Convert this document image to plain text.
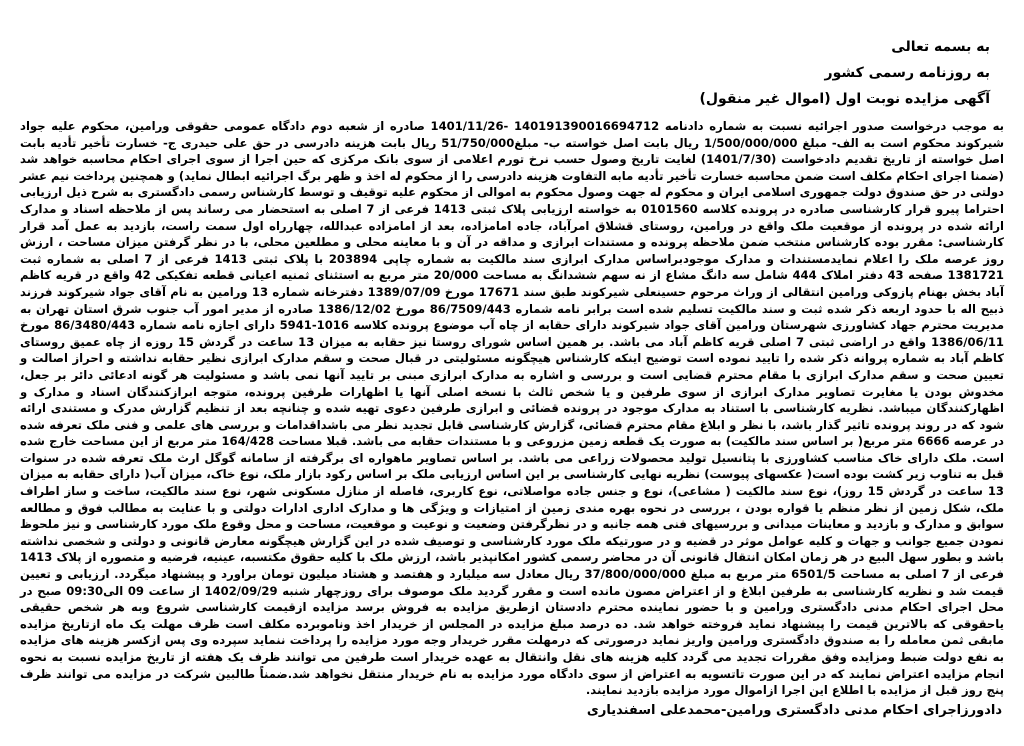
به بسمه تعالی

به روزنامه رسمی کشور

آگهی مزایده نوبت اول (اموال غیر منقول)

به موجب درخواست صدور اجرائیه نسبت به شماره دادنامه 140191390016694712 -1401/11/26 صادره از شعبه دوم دادگاه عمومی حقوقی ورامین، محکوم علیه جواد شیرکوند محکوم است به الف- مبلغ 1/500/000/000 ریال بابت اصل خواسته ب- مبلغ51/750/000 ریال بابت هزینه دادرسی در حق علی حیدری ج- خسارت تأخیر تأدیه بابت اصل خواسته از تاریخ تقدیم دادخواست (1401/7/30) لغایت تاریخ وصول حسب نرخ تورم اعلامی از سوی بانک مرکزی که حین اجرا از سوی اجرای احکام محاسبه خواهد شد (ضمنا اجرای احکام مکلف است ضمن محاسبه خسارت تأخیر تأدیه مابه التفاوت هزینه دادرسی را از محکوم له اخذ و ظهر برگ اجرائیه ابطال نماید) و همچنین پرداخت نیم عشر دولتی در حق صندوق دولت جمهوری اسلامی ایران و محکوم له جهت وصول محکوم به اموالی از محکوم علیه توقیف و توسط کارشناس رسمی دادگستری به شرح ذیل ارزیابی احتراما پیرو قرار کارشناسی صادره در پرونده کلاسه 0101560 به خواسته ارزیابی پلاک ثبتی 1413 فرعی از 7 اصلی به استحضار می رساند پس از ملاحظه اسناد و مدارک ارائه شده در پرونده از موقعیت ملک واقع در ورامین، روستای قشلاق امرآباد، جاده امامزاده، بعد از امامزاده عبدالله، چهارراه اول سمت راست، بازدید به عمل آمد قرار کارشناسی: مقرر بوده کارشناس منتخب ضمن ملاحظه پرونده و مستندات ابرازی و مداقه در آن و با معاینه محلی و مطلعین محلی، با در نظر گرفتن میزان مساحت ، ارزش روز عرصه ملک را اعلام نمایدمستندات و مدارک موجودبراساس مدارک ابرازی سند مالکیت به شماره چاپی 203894 با پلاک ثبتی 1413 فرعی از 7 اصلی به شماره ثبت 1381721 صفحه 43 دفتر املاک 444 شامل سه دانگ مشاع از نه سهم ششدانگ به مساحت 20/000 متر مربع به استثنای ثمنیه اعیانی قطعه تفکیکی 42 واقع در قریه کاظم آباد بخش بهنام پازوکی ورامین انتقالی از وراث مرحوم حسینعلی شیرکوند طبق سند 17671 مورخ 1389/07/09 دفترخانه شماره 13 ورامین به نام آقای جواد شیرکوند فرزند ذبیح اله با حدود اربعه ذکر شده ثبت و سند مالکیت تسلیم شده است برابر نامه شماره 86/7509/443 مورخ 1386/12/02 صادره از مدیر امور آب جنوب شرق استان تهران به مدیریت محترم جهاد کشاورزی شهرستان ورامین آقای جواد شیرکوند دارای حقابه از چاه آب موضوع پرونده کلاسه 1016-5941 دارای اجازه نامه شماره 86/3480/443 مورخ 1386/06/11 واقع در اراضی ثبتی 7 اصلی قریه کاظم آباد می باشد. بر همین اساس شورای روستا نیز حقابه به میزان 13 ساعت در گردش 15 روزه از چاه عمیق روستای کاظم آباد به شماره پروانه ذکر شده را تایید نموده است توضیح اینکه کارشناس هیچگونه مسئولیتی در قبال صحت و سقم مدارک ابرازی نظیر حقابه نداشته و احراز اصالت و تعیین صحت و سقم مدارک ابرازی با مقام محترم قضایی است و بررسی و اشاره به مدارک ابرازی مبنی بر تایید آنها نمی باشد و مسئولیت هر گونه ادعائی دائر بر جعل، مخدوش بودن یا مغایرت تصاویر مدارک ابرازی از سوی طرفین و یا شخص ثالث با نسخه اصلی آنها یا اظهارات طرفین پرونده، متوجه ابرازکنندگان اسناد و مدارک و اظهارکنندگان میباشد. نظریه کارشناسی با استناد به مدارک موجود در پرونده قضائی و ابرازی طرفین دعوی تهیه شده و چنانچه بعد از تنظیم گزارش مدرک و مستندی ارائه شود که در روند پرونده تاثیر گذار باشد، با نظر و ابلاغ مقام محترم قضائی، گزارش کارشناسی قابل تجدید نظر می باشداقدامات و بررسی های علمی و فنی ملک تعرفه شده در عرصه 6666 متر مربع( بر اساس سند مالکیت) به صورت یک قطعه زمین مزروعی و با مستندات حقابه می باشد. قبلا مساحت 164/428 متر مربع از این مساحت خارج شده است. ملک دارای خاک مناسب کشاورزی با پتانسیل تولید محصولات زراعی می باشد. بر اساس تصاویر ماهواره ای برگرفته از سامانه گوگل ارث ملک تعرفه شده در سنوات قبل به تناوب زیر کشت بوده است( عکسهای پیوست) نظریه نهایی کارشناسی بر این اساس ارزیابی ملک بر اساس رکود بازار ملک، نوع خاک، میزان آب( دارای حقابه به میزان 13 ساعت در گردش 15 روز)، نوع سند مالکیت ( مشاعی)، نوع و جنس جاده مواصلاتی، نوع کاربری، فاصله از منازل مسکونی شهر، نوع سند مالکیت، ساخت و ساز اطراف ملک، شکل زمین از نظر منظم یا قواره بودن ، بررسی در نحوه بهره مندی زمین از امتیازات و ویژگی ها و مدارک اداری ادارات دولتی و با عنایت به مطالب فوق و مطالعه سوابق و مدارک و بازدید و معاینات میدانی و بررسیهای فنی همه جانبه و در نظرگرفتن وضعیت و نوعیت و موقعیت، مساحت و محل وقوع ملک مورد کارشناسی و نیز ملحوظ نمودن جمیع جوانب و جهات و کلیه عوامل موثر در قضیه و در صورتیکه ملک مورد کارشناسی و توصیف شده در این گزارش هیچگونه معارض قانونی و دولتی و شخصی نداشته باشد و بطور سهل البیع در هر زمان امکان انتقال قانونی آن در محاضر رسمی کشور امکانپذیر باشد، ارزش ملک با کلیه حقوق مکتسبه، عینیه، فرضیه و متصوره از پلاک 1413 فرعی از 7 اصلی به مساحت 6501/5 متر مربع به مبلغ 37/800/000/000 ریال معادل سه میلیارد و هفتصد و هشتاد میلیون تومان براورد و پیشنهاد میگردد. ارزیابی و تعیین قیمت شد و نظریه کارشناسی به طرفین ابلاغ و از اعتراض مصون مانده است و مقرر گردید ملک موصوف برای روزچهار شنبه 1402/09/29 از ساعت 09 الی09:30 صبح در محل اجرای احکام مدنی دادگستری ورامین و با حضور نماینده محترم دادستان ازطریق مزایده به فروش برسد مزایده ازقیمت کارشناسی شروع وبه هر شخص حقیقی یاحقوقی که بالاترین قیمت را پیشنهاد نماید فروخته خواهد شد. ده درصد مبلغ مزایده در المجلس از خریدار اخذ وناموبرده مکلف است ظرف مهلت یک ماه ازتاریخ مزایده مابقی ثمن معامله را به صندوق دادگستری ورامین واریز نماید درصورتی که درمهلت مقرر خریدار وجه مورد مزایده را پرداخت ننماید سپرده وی پس ازکسر هزینه های مزایده به نفع دولت ضبط ومزایده وفق مقررات تجدید می گردد کلیه هزینه های نقل وانتقال به عهده خریدار است طرفین می توانند ظرف یک هفته از تاریخ مزایده نسبت به نحوه انجام مزایده اعتراض نمایند که در این صورت تاتسویه به اعتراض از سوی دادگاه مورد مزایده به نام خریدار منتقل نخواهد شد.ضمناً طالبین شرکت در مزایده می توانند ظرف پنج روز قبل از مزایده با اطلاع این اجرا ازاموال مورد مزایده بازدید نمایند.

دادورزاجرای احکام مدنی دادگستری ورامین-محمدعلی اسفندیاری
